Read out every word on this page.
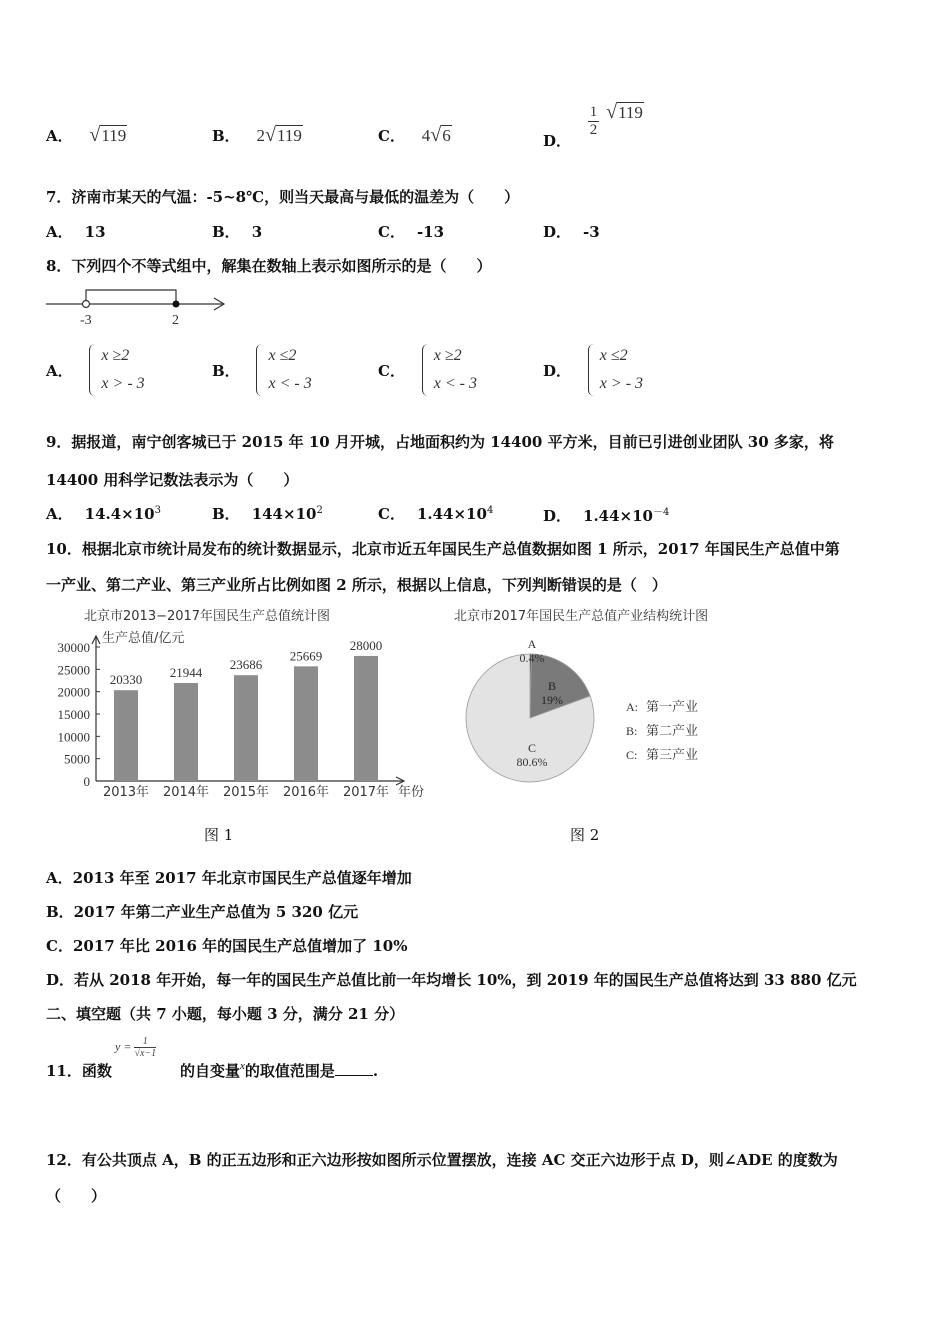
A． √119	B． 2√119	C． 4√6	D．
$\frac{1}{2} √119$
7．济南市某天的气温：-5~8℃，则当天最高与最低的温差为（　　）
A． 13	B． 3	C． -13	D． -3
8．下列四个不等式组中，解集在数轴上表示如图所示的是（　　）
-3	2
A． x ≥2
x > - 3
B． x ≤2
x < - 3
C． x ≥2
x < - 3
D． x ≤2
x > - 3
9．据报道，南宁创客城已于 2015 年 10 月开城，占地面积约为 14400 平方米，目前已引进创业团队 30 多家，将
14400 用科学记数法表示为（　　）
A． $14.4\times 10^3$	B． $144\times 10^2$	C． $1.44\times 10^4$	D． $1.44\times 10^{-4}$
10．根据北京市统计局发布的统计数据显示，北京市近五年国民生产总值数据如图 1 所示，2017 年国民生产总值中第
一产业、第二产业、第三产业所占比例如图 2 所示，根据以上信息，下列判断错误的是（　）
北京市2013−2017年国民生产总值统计图
生产总值/亿元
年份
0
5000
10000
15000
20000
25000
30000
20330
2013年
21944
2014年
23686
2015年
25669
2016年
28000
2017年
图 1
北京市2017年国民生产总值产业结构统计图
A
0.4%
B
19%
C
80.6%
A: 第一产业
B: 第二产业
C: 第三产业
图 2
A．2013 年至 2017 年北京市国民生产总值逐年增加
B．2017 年第二产业生产总值为 5 320 亿元
C．2017 年比 2016 年的国民生产总值增加了 10%
D．若从 2018 年开始，每一年的国民生产总值比前一年均增长 10%，到 2019 年的国民生产总值将达到 33 880 亿元
二、填空题（共 7 小题，每小题 3 分，满分 21 分）
11．函数
$y = \frac{1}{√x-1}$
的自变量$^x$的取值范围是	.
12．有公共顶点 A，B 的正五边形和正六边形按如图所示位置摆放，连接 AC 交正六边形于点 D，则∠ADE 的度数为
（　　）
